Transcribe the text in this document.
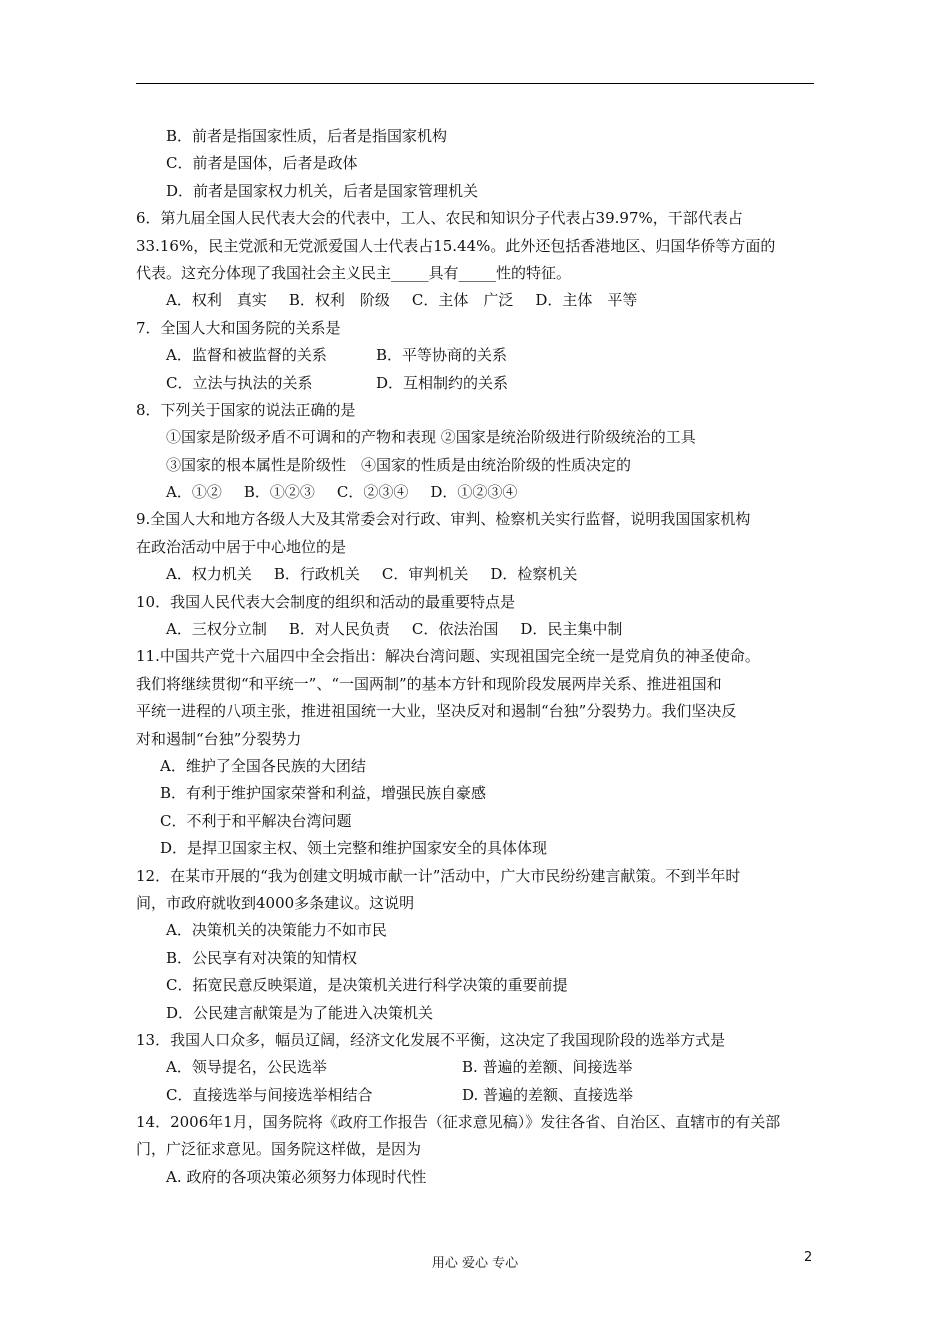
B．前者是指国家性质，后者是指国家机构
C．前者是国体，后者是政体
D．前者是国家权力机关，后者是国家管理机关
6．第九届全国人民代表大会的代表中，工人、农民和知识分子代表占39.97%，干部代表占
33.16%，民主党派和无党派爱国人士代表占15.44%。此外还包括香港地区、归国华侨等方面的
代表。这充分体现了我国社会主义民主_____具有_____性的特征。
A．权利　真实 B．权利　阶级 C．主体　广泛 D．主体　平等
7．全国人大和国务院的关系是
A．监督和被监督的关系	B．平等协商的关系
C．立法与执法的关系	D．互相制约的关系
8．下列关于国家的说法正确的是
①国家是阶级矛盾不可调和的产物和表现 ②国家是统治阶级进行阶级统治的工具
③国家的根本属性是阶级性　④国家的性质是由统治阶级的性质决定的
A．①② B．①②③ C．②③④ D．①②③④
9.全国人大和地方各级人大及其常委会对行政、审判、检察机关实行监督，说明我国国家机构
在政治活动中居于中心地位的是
A．权力机关 B．行政机关 C．审判机关 D．检察机关
10．我国人民代表大会制度的组织和活动的最重要特点是
A．三权分立制 B．对人民负责 C．依法治国 D．民主集中制
11.中国共产党十六届四中全会指出：解决台湾问题、实现祖国完全统一是党肩负的神圣使命。
我们将继续贯彻“和平统一”、“一国两制”的基本方针和现阶段发展两岸关系、推进祖国和
平统一进程的八项主张，推进祖国统一大业，坚决反对和遏制“台独”分裂势力。我们坚决反
对和遏制“台独”分裂势力
A．维护了全国各民族的大团结
B．有利于维护国家荣誉和利益，增强民族自豪感
C．不利于和平解决台湾问题
D．是捍卫国家主权、领土完整和维护国家安全的具体体现
12．在某市开展的“我为创建文明城市献一计”活动中，广大市民纷纷建言献策。不到半年时
间，市政府就收到4000多条建议。这说明
A．决策机关的决策能力不如市民
B．公民享有对决策的知情权
C．拓宽民意反映渠道，是决策机关进行科学决策的重要前提
D．公民建言献策是为了能进入决策机关
13．我国人口众多，幅员辽阔，经济文化发展不平衡，这决定了我国现阶段的选举方式是
A．领导提名，公民选举	B. 普遍的差额、间接选举
C．直接选举与间接选举相结合	D. 普遍的差额、直接选举
14．2006年1月，国务院将《政府工作报告（征求意见稿）》发往各省、自治区、直辖市的有关部
门，广泛征求意见。国务院这样做，是因为
A. 政府的各项决策必须努力体现时代性
用心 爱心 专心	2
